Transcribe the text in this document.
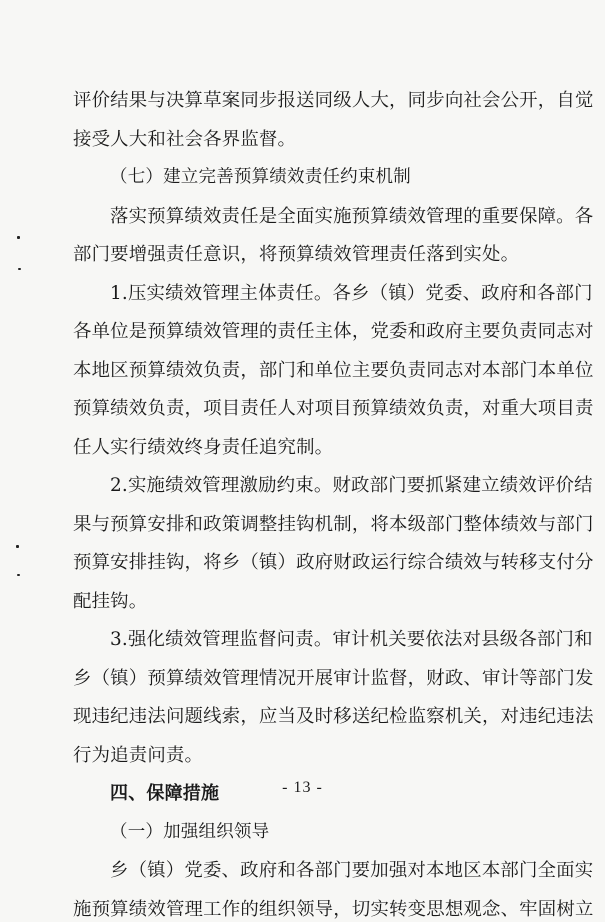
评价结果与决算草案同步报送同级人大，同步向社会公开，自觉
接受人大和社会各界监督。
（七）建立完善预算绩效责任约束机制
落实预算绩效责任是全面实施预算绩效管理的重要保障。各
部门要增强责任意识，将预算绩效管理责任落到实处。
1.压实绩效管理主体责任。各乡（镇）党委、政府和各部门
各单位是预算绩效管理的责任主体，党委和政府主要负责同志对
本地区预算绩效负责，部门和单位主要负责同志对本部门本单位
预算绩效负责，项目责任人对项目预算绩效负责，对重大项目责
任人实行绩效终身责任追究制。
2.实施绩效管理激励约束。财政部门要抓紧建立绩效评价结
果与预算安排和政策调整挂钩机制，将本级部门整体绩效与部门
预算安排挂钩，将乡（镇）政府财政运行综合绩效与转移支付分
配挂钩。
3.强化绩效管理监督问责。审计机关要依法对县级各部门和
乡（镇）预算绩效管理情况开展审计监督，财政、审计等部门发
现违纪违法问题线索，应当及时移送纪检监察机关，对违纪违法
行为追责问责。
四、保障措施
（一）加强组织领导
乡（镇）党委、政府和各部门要加强对本地区本部门全面实
施预算绩效管理工作的组织领导，切实转变思想观念、牢固树立
- 13 -
